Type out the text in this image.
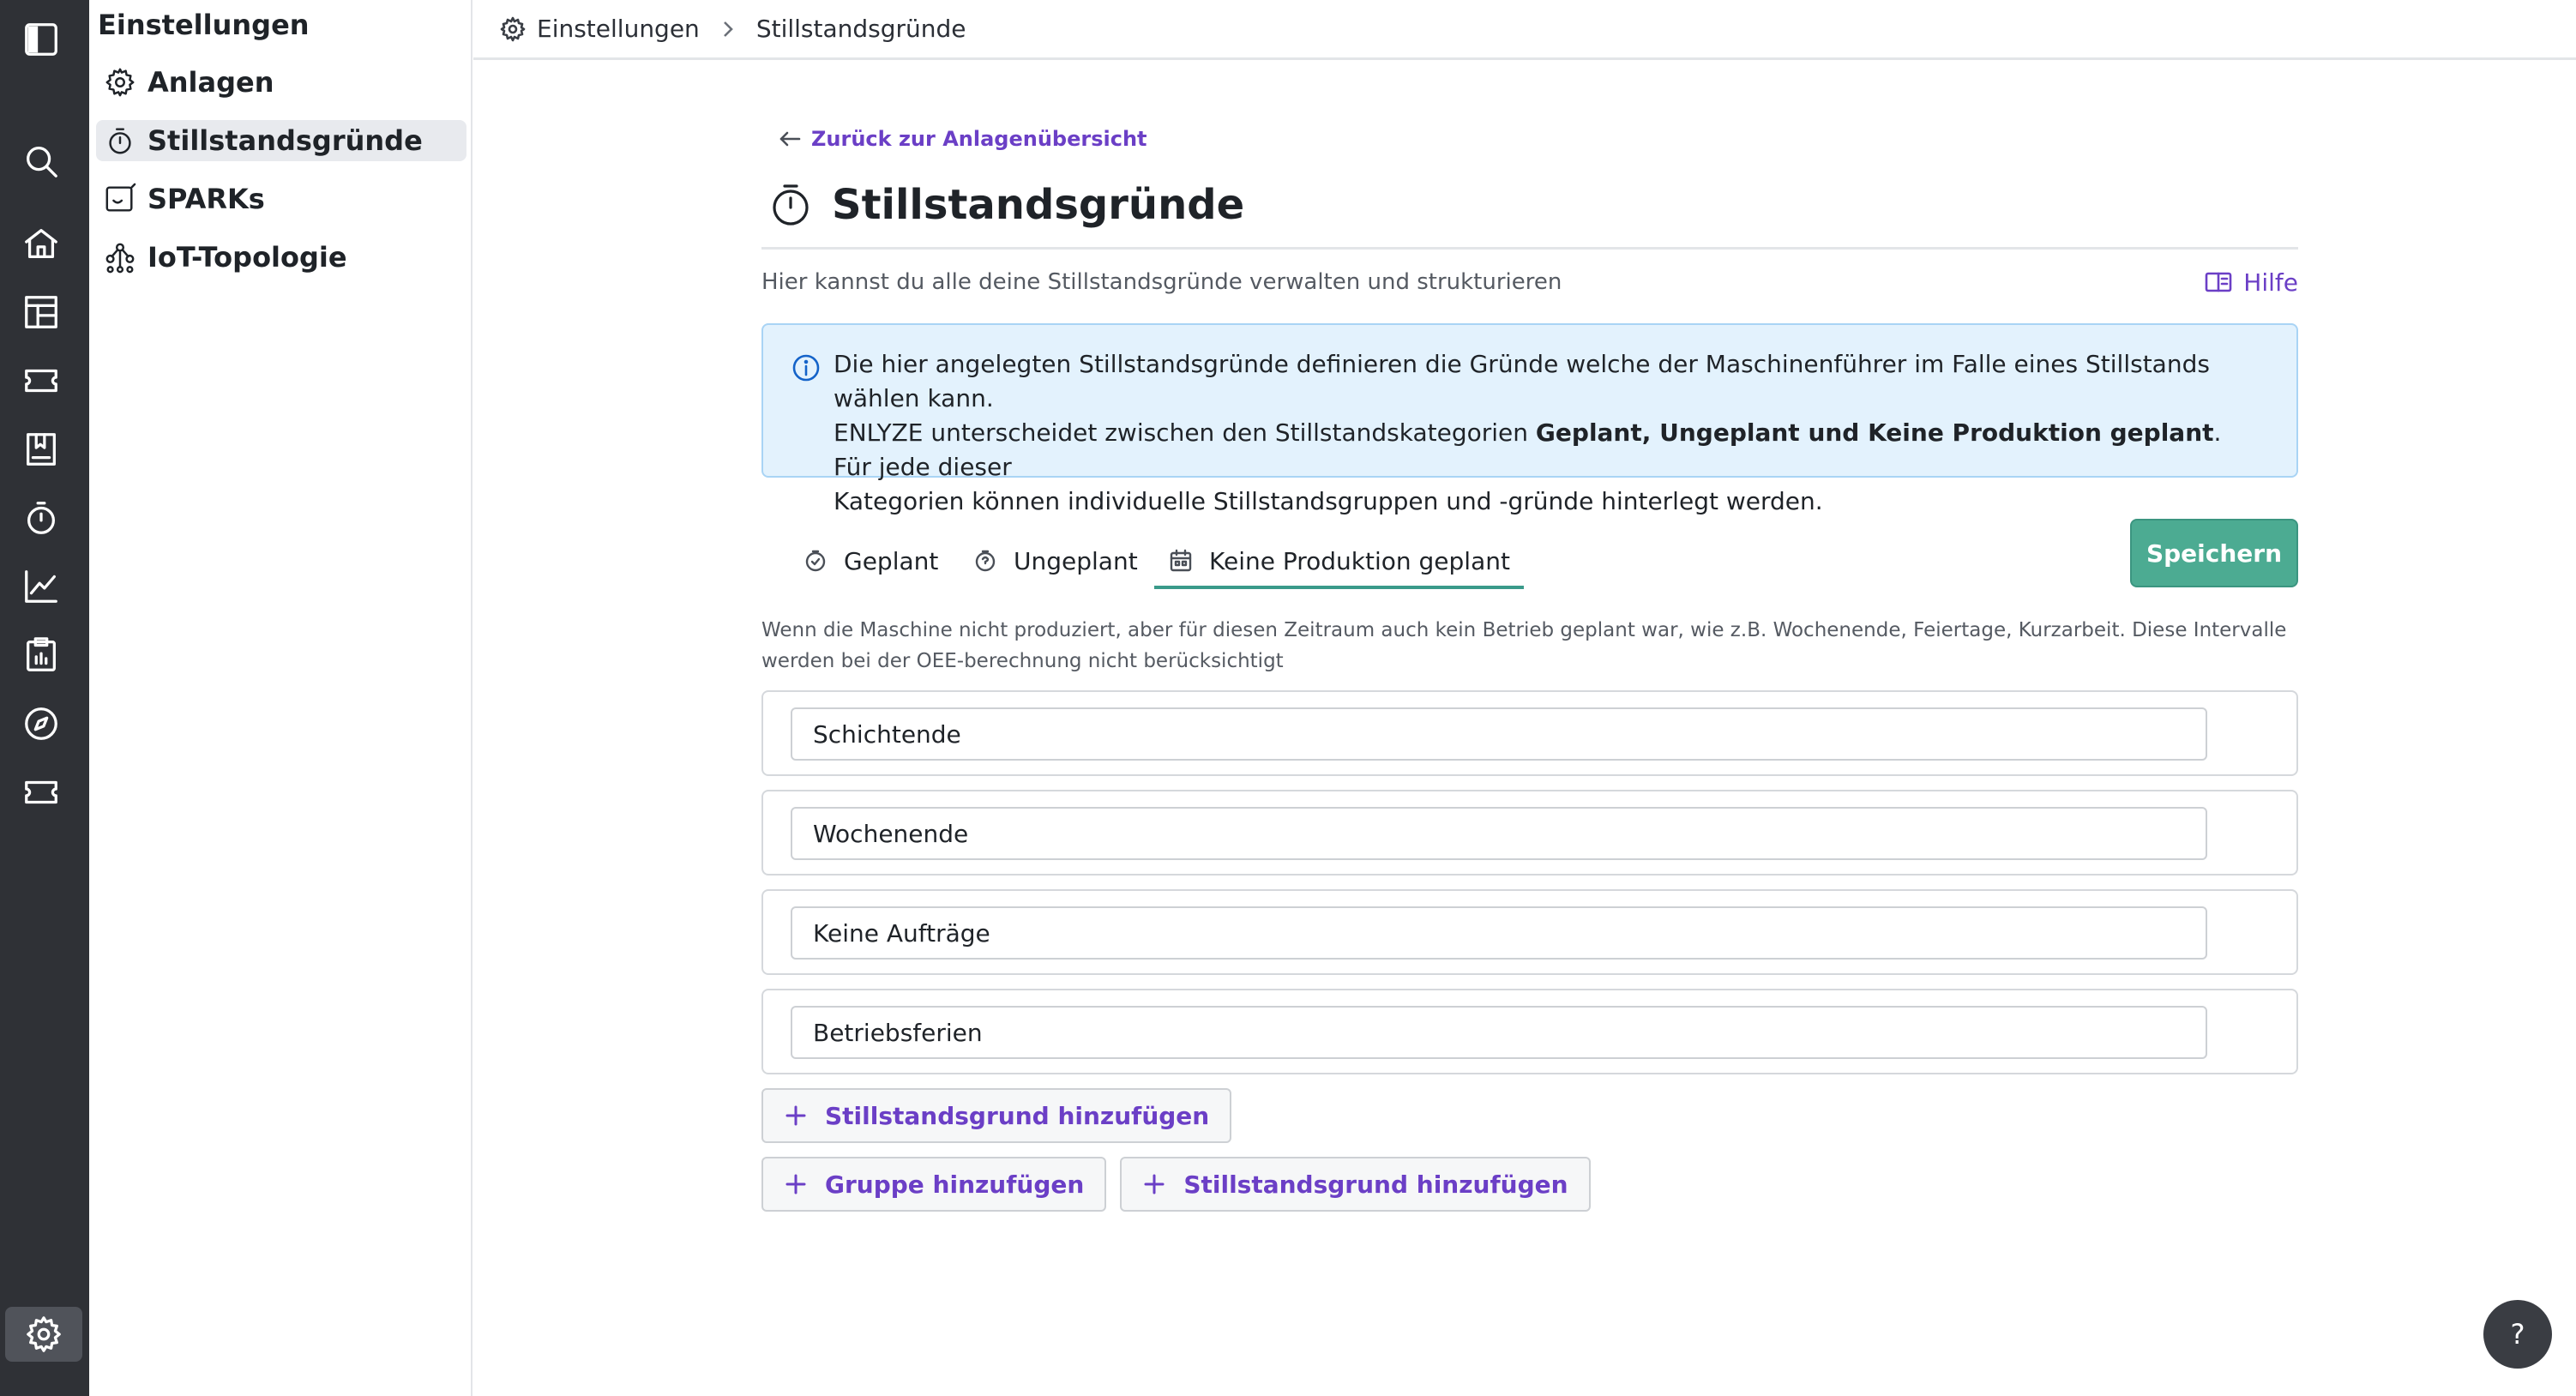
Einstellungen
Anlagen
Stillstandsgründe
SPARKs
IoT-Topologie
Einstellungen Stillstandsgründe
Zurück zur Anlagenübersicht
Stillstandsgründe
Hier kannst du alle deine Stillstandsgründe verwalten und strukturieren	Hilfe
Die hier angelegten Stillstandsgründe definieren die Gründe welche der Maschinenführer im Falle eines Stillstands wählen kann.
ENLYZE unterscheidet zwischen den Stillstandskategorien Geplant, Ungeplant und Keine Produktion geplant. Für jede dieser
Kategorien können individuelle Stillstandsgruppen und -gründe hinterlegt werden.
Geplant	Ungeplant	Keine Produktion geplant	Speichern

Wenn die Maschine nicht produziert, aber für diesen Zeitraum auch kein Betrieb geplant war, wie z.B. Wochenende, Feiertage, Kurzarbeit. Diese Intervalle werden bei der OEE-berechnung nicht berücksichtigt

Schichtende
Wochenende
Keine Aufträge
Betriebsferien
Stillstandsgrund hinzufügen
Gruppe hinzufügen	Stillstandsgrund hinzufügen
?
